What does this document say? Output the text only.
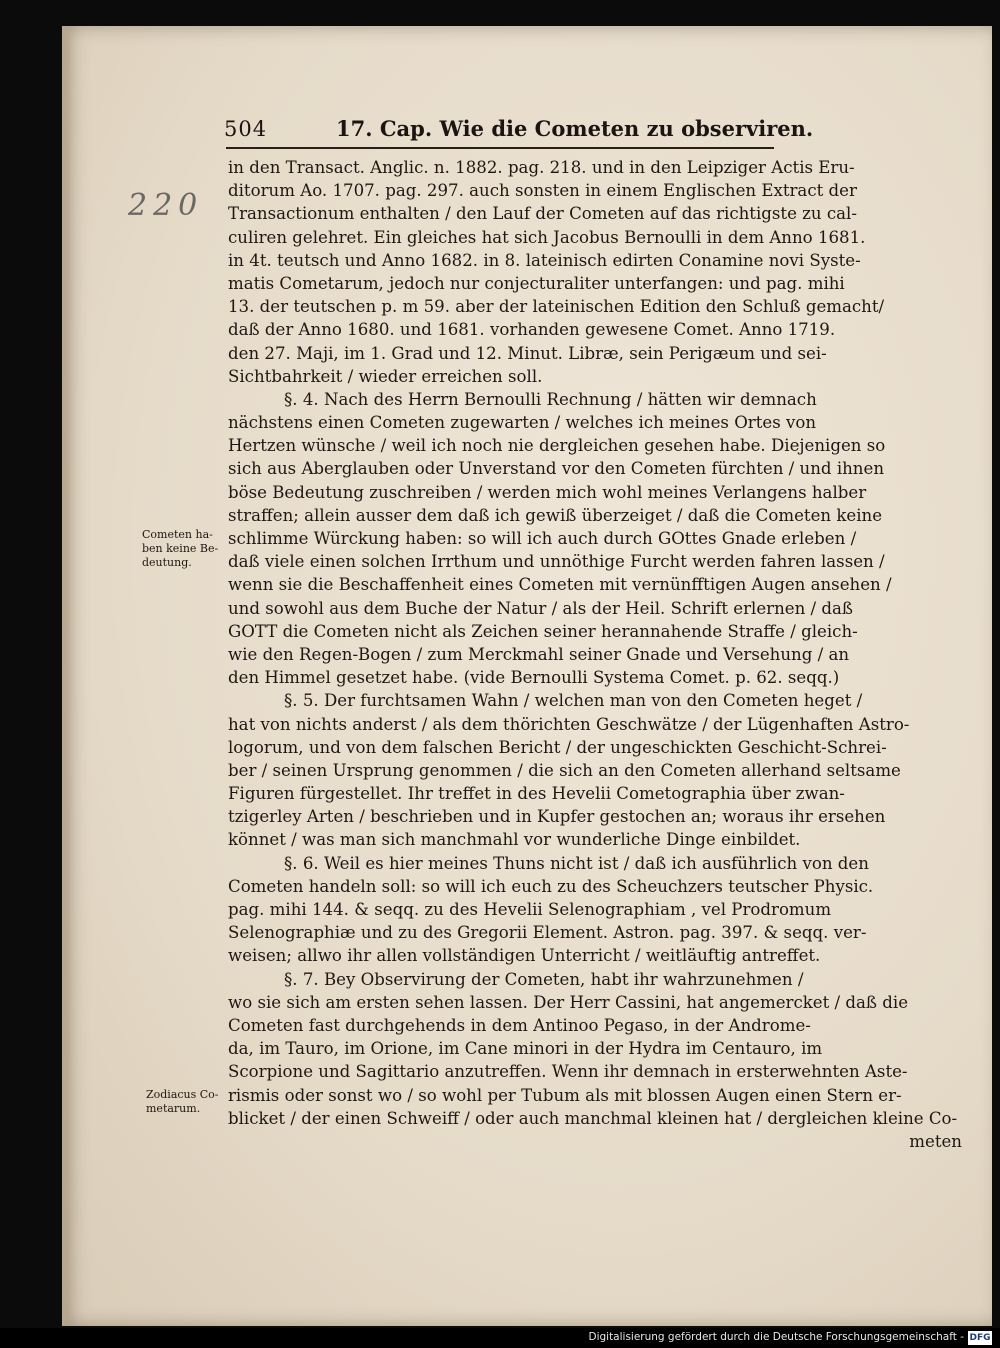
504	17. Cap. Wie die Cometen zu observiren.
220
Cometen ha-
ben keine Be-
deutung.
Zodiacus Co-
metarum.
in den Transact. Anglic. n. 1882. pag. 218. und in den Leipziger Actis Eru-
ditorum Ao. 1707. pag. 297. auch sonsten in einem Englischen Extract der
Transactionum enthalten / den Lauf der Cometen auf das richtigste zu cal-
culiren gelehret. Ein gleiches hat sich Jacobus Bernoulli in dem Anno 1681.
in 4t. teutsch und Anno 1682. in 8. lateinisch edirten Conamine novi Syste-
matis Cometarum, jedoch nur conjecturaliter unterfangen: und pag. mihi
13. der teutschen p. m 59. aber der lateinischen Edition den Schluß gemacht/
daß der Anno 1680. und 1681. vorhanden gewesene Comet. Anno 1719.
den 27. Maji, im 1. Grad und 12. Minut. Libræ, sein Perigæum und sei-
Sichtbahrkeit / wieder erreichen soll.
§. 4. Nach des Herrn Bernoulli Rechnung / hätten wir demnach
nächstens einen Cometen zugewarten / welches ich meines Ortes von
Hertzen wünsche / weil ich noch nie dergleichen gesehen habe. Diejenigen so
sich aus Aberglauben oder Unverstand vor den Cometen fürchten / und ihnen
böse Bedeutung zuschreiben / werden mich wohl meines Verlangens halber
straffen; allein ausser dem daß ich gewiß überzeiget / daß die Cometen keine
schlimme Würckung haben: so will ich auch durch GOttes Gnade erleben /
daß viele einen solchen Irrthum und unnöthige Furcht werden fahren lassen /
wenn sie die Beschaffenheit eines Cometen mit vernünfftigen Augen ansehen /
und sowohl aus dem Buche der Natur / als der Heil. Schrift erlernen / daß
GOTT die Cometen nicht als Zeichen seiner herannahende Straffe / gleich-
wie den Regen-Bogen / zum Merckmahl seiner Gnade und Versehung / an
den Himmel gesetzet habe. (vide Bernoulli Systema Comet. p. 62. seqq.)
§. 5. Der furchtsamen Wahn / welchen man von den Cometen heget /
hat von nichts anderst / als dem thörichten Geschwätze / der Lügenhaften Astro-
logorum, und von dem falschen Bericht / der ungeschickten Geschicht-Schrei-
ber / seinen Ursprung genommen / die sich an den Cometen allerhand seltsame
Figuren fürgestellet. Ihr treffet in des Hevelii Cometographia über zwan-
tzigerley Arten / beschrieben und in Kupfer gestochen an; woraus ihr ersehen
könnet / was man sich manchmahl vor wunderliche Dinge einbildet.
§. 6. Weil es hier meines Thuns nicht ist / daß ich ausführlich von den
Cometen handeln soll: so will ich euch zu des Scheuchzers teutscher Physic.
pag. mihi 144. & seqq. zu des Hevelii Selenographiam , vel Prodromum
Selenographiæ und zu des Gregorii Element. Astron. pag. 397. & seqq. ver-
weisen; allwo ihr allen vollständigen Unterricht / weitläuftig antreffet.
§. 7. Bey Observirung der Cometen, habt ihr wahrzunehmen /
wo sie sich am ersten sehen lassen. Der Herr Cassini, hat angemercket / daß die
Cometen fast durchgehends in dem Antinoo Pegaso, in der Androme-
da, im Tauro, im Orione, im Cane minori in der Hydra im Centauro, im
Scorpione und Sagittario anzutreffen. Wenn ihr demnach in ersterwehnten Aste-
rismis oder sonst wo / so wohl per Tubum als mit blossen Augen einen Stern er-
blicket / der einen Schweiff / oder auch manchmal kleinen hat / dergleichen kleine Co-
meten
Digitalisierung gefördert durch die Deutsche Forschungsgemeinschaft - DFG
